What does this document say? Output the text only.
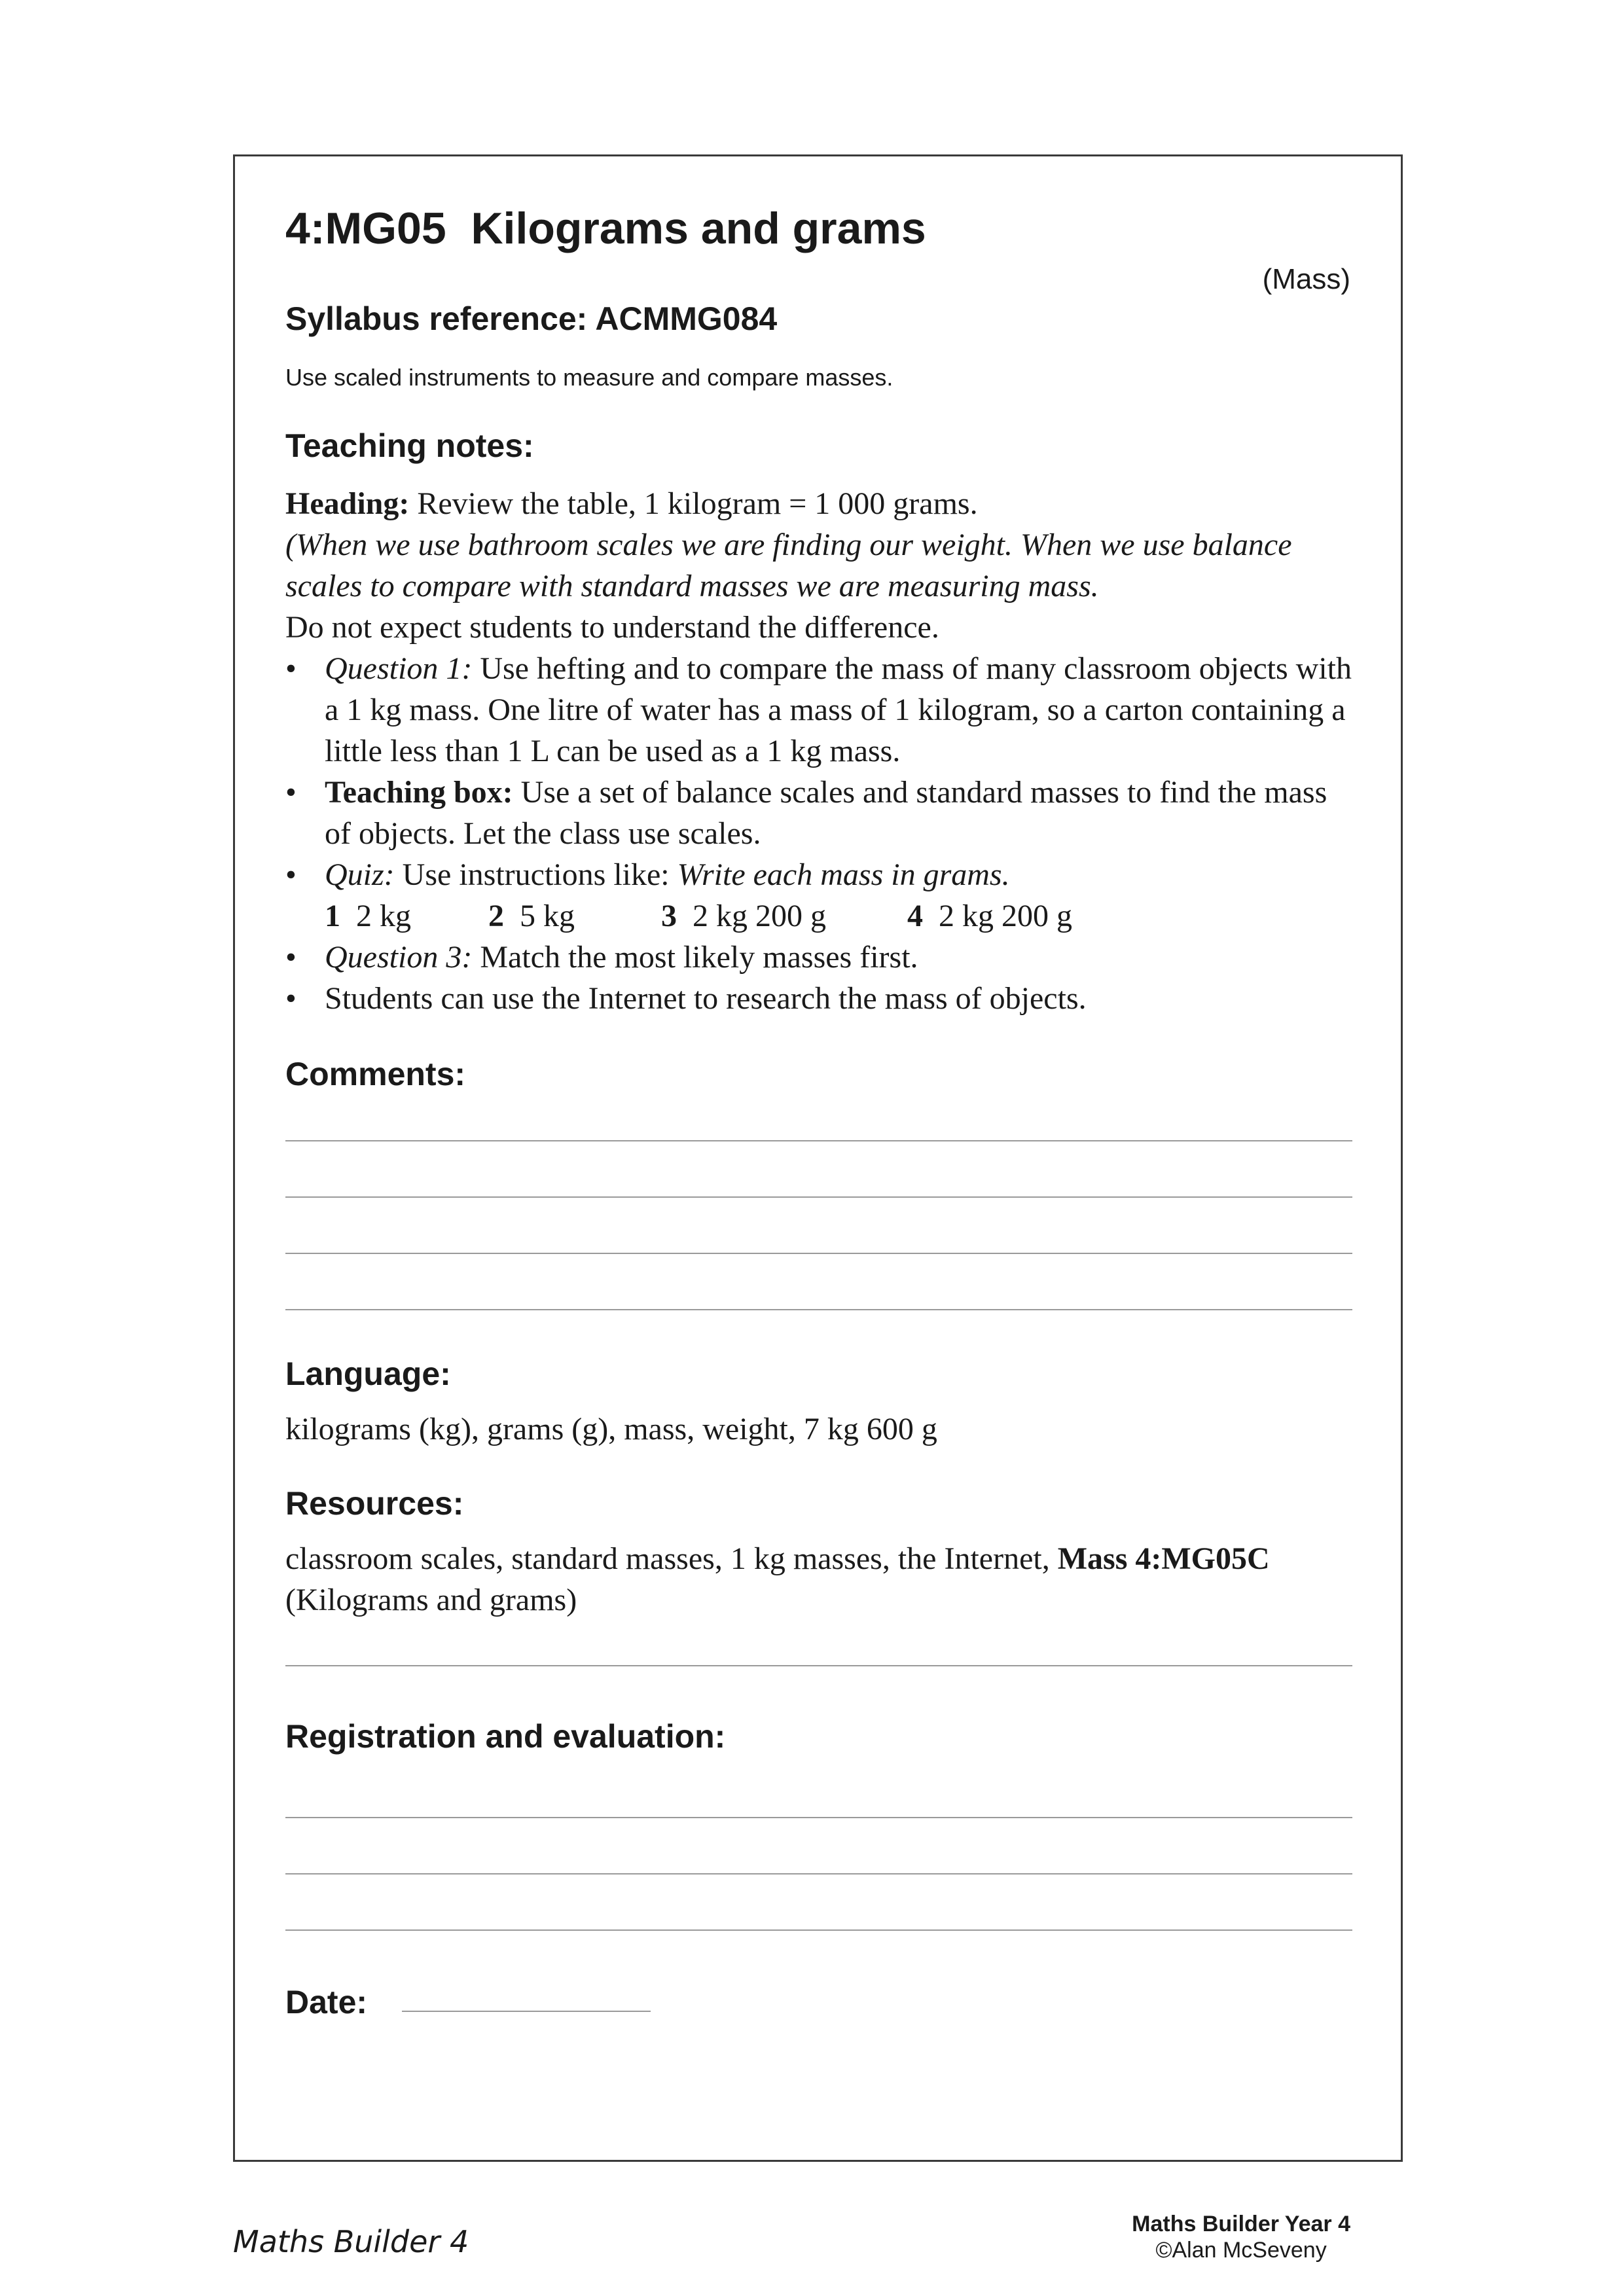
4:MG05 Kilograms and grams
(Mass)
Syllabus reference: ACMMG084
Use scaled instruments to measure and compare masses.
Teaching notes:

Heading: Review the table, 1 kilogram = 1 000 grams.

(When we use bathroom scales we are finding our weight. When we use balance scales to compare with standard masses we are measuring mass.

Do not expect students to understand the difference.

• Question 1: Use hefting and to compare the mass of many classroom objects with a 1 kg mass. One litre of water has a mass of 1 kilogram, so a carton containing a little less than 1 L can be used as a 1 kg mass.

• Teaching box: Use a set of balance scales and standard masses to find the mass of objects. Let the class use scales.

• Quiz: Use instructions like: Write each mass in grams.

1 2 kg 2 5 kg	3 2 kg 200 g	4 2 kg 200 g

• Question 3: Match the most likely masses first.

• Students can use the Internet to research the mass of objects.

Comments:
Language:
kilograms (kg), grams (g), mass, weight, 7 kg 600 g
Resources:
classroom scales, standard masses, 1 kg masses, the Internet, Mass 4:MG05C
(Kilograms and grams)
Registration and evaluation:
Date:
Maths Builder 4	Maths Builder Year 4
©Alan McSeveny
